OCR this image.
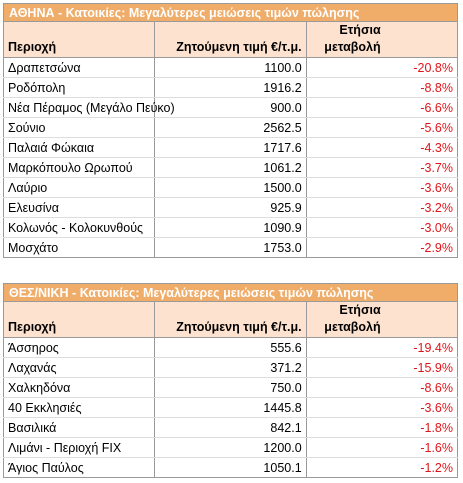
ΑΘΗΝΑ - Κατοικίες: Μεγαλύτερες μειώσεις τιμών πώλησης		
Περιοχή	Ζητούμενη τιμή €/τ.μ.	Ετήσια μεταβολή

Δραπετσώνα	1100.0	-20.8%
Ροδόπολη	1916.2	-8.8%
Νέα Πέραμος (Μεγάλο Πεύκο)	900.0	-6.6%
Σούνιο	2562.5	-5.6%
Παλαιά Φώκαια	1717.6	-4.3%
Μαρκόπουλο Ωρωπού	1061.2	-3.7%
Λαύριο	1500.0	-3.6%
Ελευσίνα	925.9	-3.2%
Κολωνός - Κολοκυνθούς	1090.9	-3.0%
Μοσχάτο	1753.0	-2.9%
ΘΕΣ/ΝΙΚΗ - Κατοικίες: Μεγαλύτερες μειώσεις τιμών πώλησης		
Περιοχή	Ζητούμενη τιμή €/τ.μ.	Ετήσια μεταβολή

Άσσηρος	555.6	-19.4%
Λαχανάς	371.2	-15.9%
Χαλκηδόνα	750.0	-8.6%
40 Εκκλησιές	1445.8	-3.6%
Βασιλικά	842.1	-1.8%
Λιμάνι - Περιοχή FIX	1200.0	-1.6%
Άγιος Παύλος	1050.1	-1.2%
